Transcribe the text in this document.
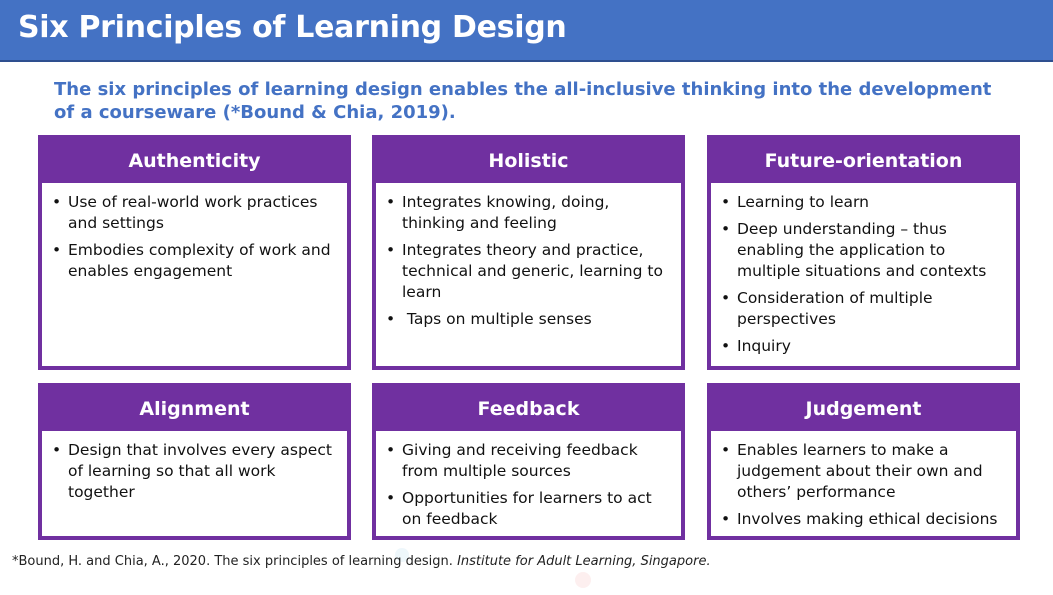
Six Principles of Learning Design
The six principles of learning design enables the all-inclusive thinking into the development of a courseware (*Bound & Chia, 2019).
Authenticity
• Use of real-world work practices and settings
• Embodies complexity of work and enables engagement
Holistic
• Integrates knowing, doing, thinking and feeling
• Integrates theory and practice, technical and generic, learning to learn
• Taps on multiple senses
Future-orientation
• Learning to learn
• Deep understanding – thus enabling the application to multiple situations and contexts
• Consideration of multiple perspectives
• Inquiry
Alignment
• Design that involves every aspect of learning so that all work together
Feedback
• Giving and receiving feedback from multiple sources
• Opportunities for learners to act on feedback
Judgement
• Enables learners to make a judgement about their own and others’ performance
• Involves making ethical decisions
*Bound, H. and Chia, A., 2020. The six principles of learning design. Institute for Adult Learning, Singapore.
